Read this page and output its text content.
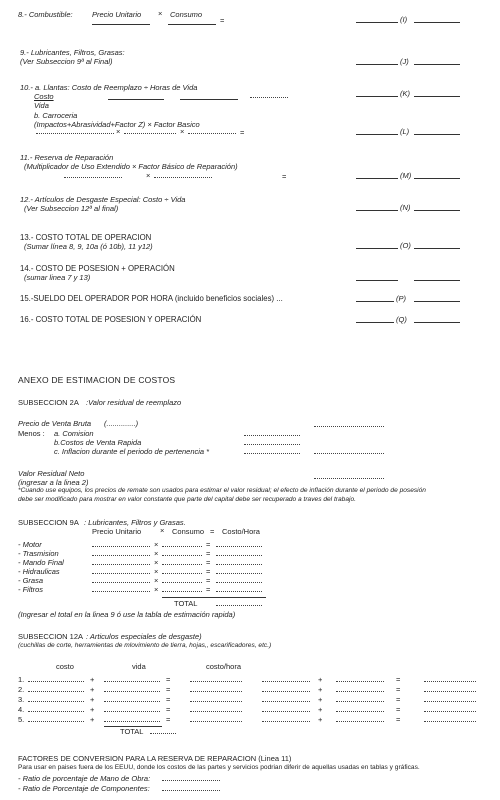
8.- Combustible:	Precio Unitario × Consumo
=	(I)
9.- Lubricantes, Filtros, Grasas:
(Ver Subseccion 9ª al Final)	(J)
10.- a. Llantas: Costo de Reemplazo ÷ Horas de Vida
Costo
Vida
(K)
b. Carroceria
(Impactos+Abrasividad+Factor Z) × Factor Basico
×	×	=	(L)
11.- Reserva de Reparación
(Multiplicador de Uso Extendido × Factor Básico de Reparación)
×	=	(M)
12.- Artículos de Desgaste Especial: Costo ÷ Vida
(Ver Subseccion 12ª al final)	(N)
13.- COSTO TOTAL DE OPERACION
(Sumar línea 8, 9, 10a (ó 10b), 11 y12)	(O)
14.- COSTO DE POSESION + OPERACIÓN
(sumar linea 7 y 13)
15.-SUELDO DEL OPERADOR POR HORA (incluido beneficios sociales) ...	(P)
16.- COSTO TOTAL DE POSESION Y OPERACIÓN	(Q)
ANEXO DE ESTIMACION DE COSTOS
SUBSECCION 2A :Valor residual de reemplazo
Precio de Venta Bruta (..............)
Menos : a. Comision
b.Costos de Venta Rapida
c. Inflacion durante el periodo de pertenencia *
Valor Residual Neto
(ingresar a la linea 2)
*Cuando use equipos, los precios de remate son usados para estimar el valor residual; el efecto de inflación durante el periodo de posesión
debe ser modificado para mostrar en valor constante que parte del capital debe ser recuperado a traves del trabajo.
SUBSECCION 9A : Lubricantes, Filtros y Grasas.
Precio Unitario	× Consumo = Costo/Hora
- Motor	×	=
- Trasmision	×	=
- Mando Final	×	=
- Hidraulicas	×	=
- Grasa	×	=
- Filtros	×	=
TOTAL
(Ingresar el total en la linea 9 ó use la tabla de estimación rapida)
SUBSECCION 12A : Articulos especiales de desgaste)
(cuchillas de corte, herramientas de mlovimiento de tierra, hojas,, escarificadores, etc.)
costo	vida	costo/hora
1.	+	=	+	=
2.	+	=	+	=
3.	+	=	+	=
4.	+	=	+	=
5.	+	=	+	=
TOTAL
FACTORES DE CONVERSION PARA LA RESERVA DE REPARACION (Linea 11)
Para usar en paises fuera de los EEUU, donde los costos de las partes y servicios podrian diferir de aquellas usadas en tablas y gráficas.
- Ratio de porcentaje de Mano de Obra:
- Ratio de Porcentaje de Componentes:
